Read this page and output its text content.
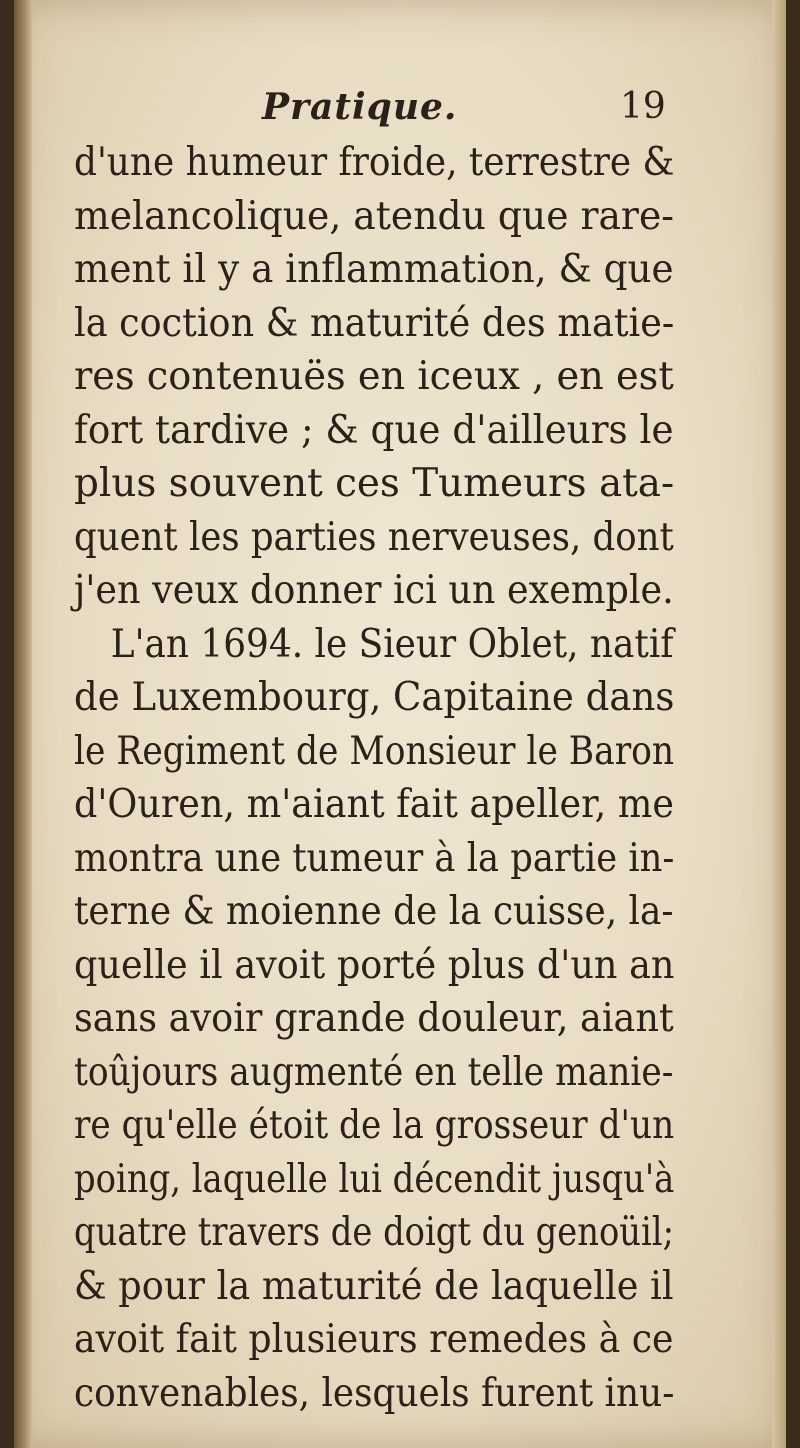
Pratique.	19
d'une humeur froide, terrestre &
melancolique, atendu que rare-
ment il y a inflammation, & que
la coction & maturité des matie-
res contenuës en iceux , en est
fort tardive ; & que d'ailleurs le
plus souvent ces Tumeurs ata-
quent les parties nerveuses, dont
j'en veux donner ici un exemple.
L'an 1694. le Sieur Oblet, natif
de Luxembourg, Capitaine dans
le Regiment de Monsieur le Baron
d'Ouren, m'aiant fait apeller, me
montra une tumeur à la partie in-
terne & moienne de la cuisse, la-
quelle il avoit porté plus d'un an
sans avoir grande douleur, aiant
toûjours augmenté en telle manie-
re qu'elle étoit de la grosseur d'un
poing, laquelle lui décendit jusqu'à
quatre travers de doigt du genoüil;
& pour la maturité de laquelle il
avoit fait plusieurs remedes à ce
convenables, lesquels furent inu-
